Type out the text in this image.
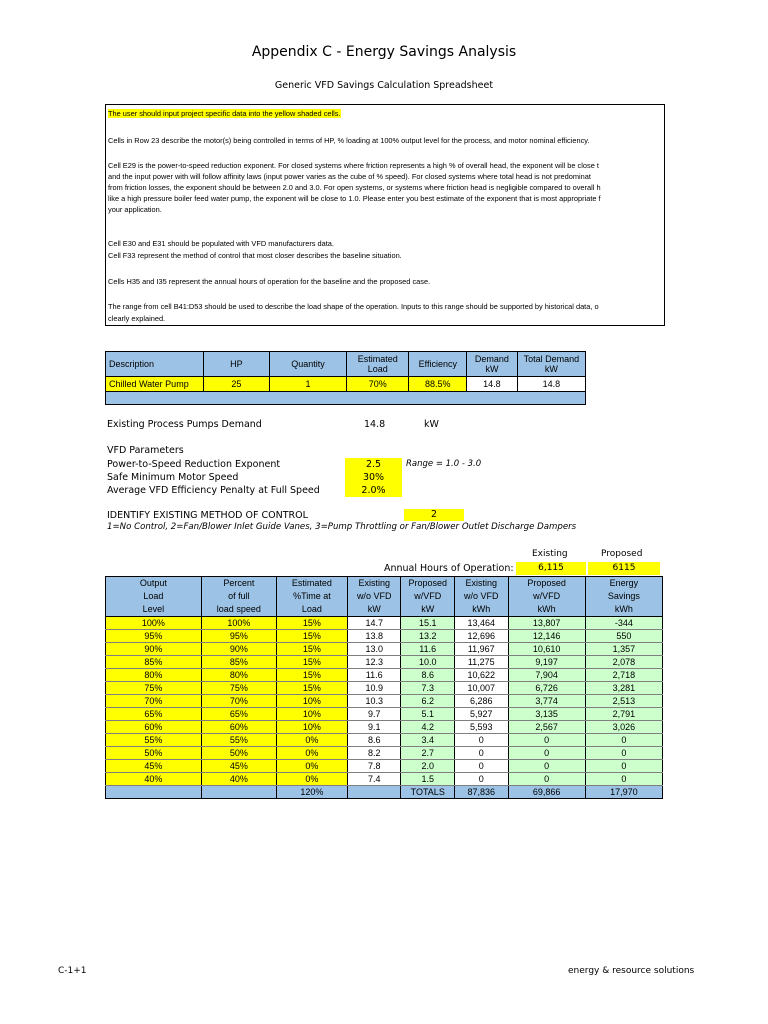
Appendix C - Energy Savings Analysis
Generic VFD Savings Calculation Spreadsheet
The user should input project specific data into the yellow shaded cells.
Cells in Row 23 describe the motor(s) being controlled in terms of HP, % loading at 100% output level for the process, and motor nominal efficiency.
Cell E29 is the power-to-speed reduction exponent. For closed systems where friction represents a high % of overall head, the exponent will be close t
and the input power with will follow affinity laws (input power varies as the cube of % speed). For closed systems where total head is not predominat
from friction losses, the exponent should be between 2.0 and 3.0. For open systems, or systems where friction head is negligible compared to overall h
like a high pressure boiler feed water pump, the exponent will be close to 1.0. Please enter you best estimate of the exponent that is most appropriate f
your application.
Cell E30 and E31 should be populated with VFD manufacturers data.
Cell F33 represent the method of control that most closer describes the baseline situation.
Cells H35 and I35 represent the annual hours of operation for the baseline and the proposed case.
The range from cell B41:D53 should be used to describe the load shape of the operation. Inputs to this range should be supported by historical data, o
clearly explained.
Description	HP	Quantity	Estimated Load	Efficiency	Demand kW	Total Demand kW
Chilled Water Pump	25	1	70%	88.5%	14.8	14.8

Existing Process Pumps Demand	14.8	kW
VFD Parameters
Power-to-Speed Reduction Exponent	2.5	Range = 1.0 - 3.0
Safe Minimum Motor Speed	30%
Average VFD Efficiency Penalty at Full Speed	2.0%
IDENTIFY EXISTING METHOD OF CONTROL	2
1=No Control, 2=Fan/Blower Inlet Guide Vanes, 3=Pump Throttling or Fan/Blower Outlet Discharge Dampers
Existing	Proposed
Annual Hours of Operation:	6,115	6115
Output	Percent	Estimated	Existing	Proposed	Existing	Proposed	Energy
Load	of full	%Time at	w/o VFD	w/VFD	w/o VFD	w/VFD	Savings
Level	load speed	Load	kW	kW	kWh	kWh	kWh
100%	100%	15%	14.7	15.1	13,464	13,807	-344
95%	95%	15%	13.8	13.2	12,696	12,146	550
90%	90%	15%	13.0	11.6	11,967	10,610	1,357
85%	85%	15%	12.3	10.0	11,275	9,197	2,078
80%	80%	15%	11.6	8.6	10,622	7,904	2,718
75%	75%	15%	10.9	7.3	10,007	6,726	3,281
70%	70%	10%	10.3	6.2	6,286	3,774	2,513
65%	65%	10%	9.7	5.1	5,927	3,135	2,791
60%	60%	10%	9.1	4.2	5,593	2,567	3,026
55%	55%	0%	8.6	3.4	0	0	0
50%	50%	0%	8.2	2.7	0	0	0
45%	45%	0%	7.8	2.0	0	0	0
40%	40%	0%	7.4	1.5	0	0	0
		120%		TOTALS	87,836	69,866	17,970
C-1+1	energy & resource solutions
